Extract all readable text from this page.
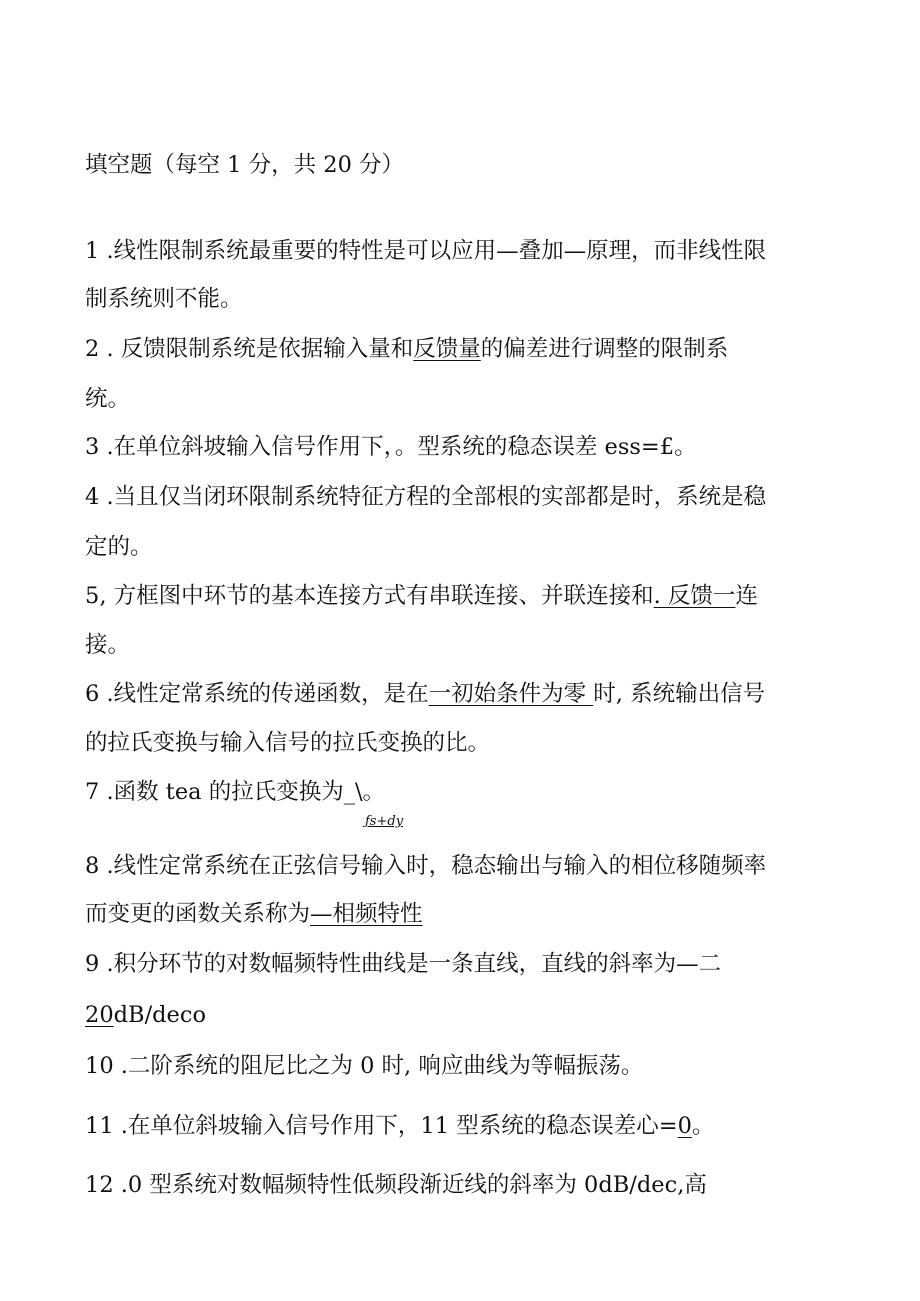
填空题（每空 1 分，共 20 分）
1 .线性限制系统最重要的特性是可以应用—叠加—原理，而非线性限
制系统则不能。
2 . 反馈限制系统是依据输入量和反馈量的偏差进行调整的限制系
统。
3 .在单位斜坡输入信号作用下，。型系统的稳态误差 ess=£。
4 .当且仅当闭环限制系统特征方程的全部根的实部都是时，系统是稳
定的。
5, 方框图中环节的基本连接方式有串联连接、并联连接和. 反馈一连
接。
6 .线性定常系统的传递函数，是在一初始条件为零 时, 系统输出信号
的拉氏变换与输入信号的拉氏变换的比。
7 .函数 tea 的拉氏变换为_\。
ƒs+dy
8 .线性定常系统在正弦信号输入时，稳态输出与输入的相位移随频率
而变更的函数关系称为—相频特性
9 .积分环节的对数幅频特性曲线是一条直线，直线的斜率为—二
20dB/deco
10 .二阶系统的阻尼比之为 0 时, 响应曲线为等幅振荡。
11 .在单位斜坡输入信号作用下，11 型系统的稳态误差心=0。
12 .0 型系统对数幅频特性低频段渐近线的斜率为 0dB∕dec,高
